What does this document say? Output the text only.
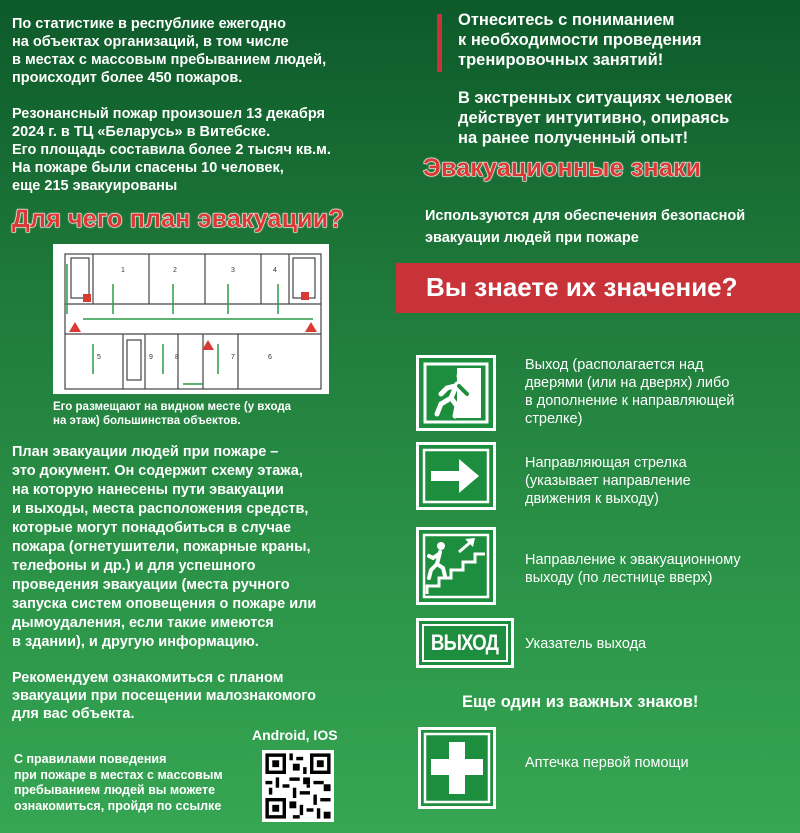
По статистике в республике ежегодно
на объектах организаций, в том числе
в местах с массовым пребыванием людей,
происходит более 450 пожаров.
Резонансный пожар произошел 13 декабря
2024 г. в ТЦ «Беларусь» в Витебске.
Его площадь составила более 2 тысяч кв.м.
На пожаре были спасены 10 человек,
еще 215 эвакуированы
Для чего план эвакуации?
1	2	3	4
5	9	8	7	6
Его размещают на видном месте (у входа
на этаж) большинства объектов.
План эвакуации людей при пожаре –
это документ. Он содержит схему этажа,
на которую нанесены пути эвакуации
и выходы, места расположения средств,
которые могут понадобиться в случае
пожара (огнетушители, пожарные краны,
телефоны и др.) и для успешного
проведения эвакуации (места ручного
запуска систем оповещения о пожаре или
дымоудаления, если такие имеются
в здании), и другую информацию.
Рекомендуем ознакомиться с планом
эвакуации при посещении малознакомого
для вас объекта.
Android, IOS
С правилами поведения
при пожаре в местах с массовым
пребыванием людей вы можете
ознакомиться, пройдя по ссылке
Отнеситесь с пониманием
к необходимости проведения
тренировочных занятий!
В экстренных ситуациях человек
действует интуитивно, опираясь
на ранее полученный опыт!
Эвакуационные знаки
Используются для обеспечения безопасной
эвакуации людей при пожаре
Вы знаете их значение?
Выход (располагается над
дверями (или на дверях) либо
в дополнение к направляющей
стрелке)
Направляющая стрелка
(указывает направление
движения к выходу)
Направление к эвакуационному
выходу (по лестнице вверх)
ВЫХОД Указатель выхода
Еще один из важных знаков!
Аптечка первой помощи
